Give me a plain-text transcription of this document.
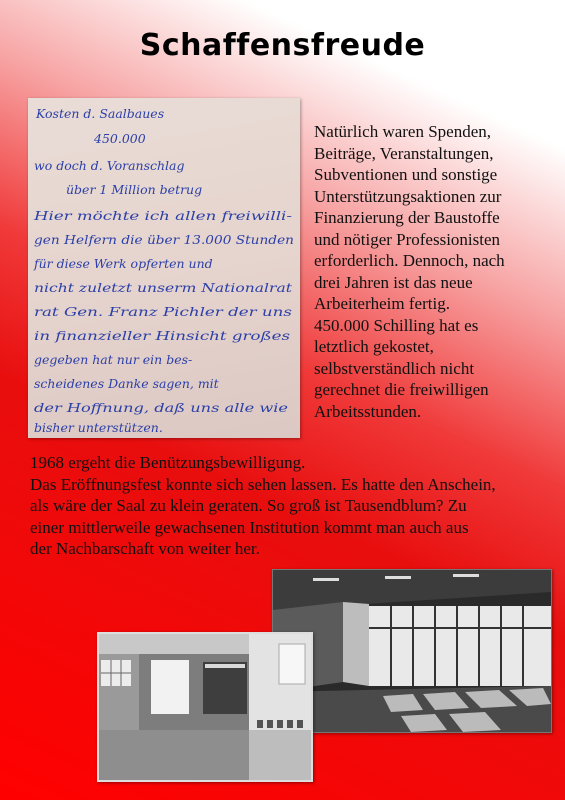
Schaffensfreude
Kosten d. Saalbaues
450.000
wo doch d. Voranschlag
über 1 Million betrug
Hier möchte ich allen freiwilli-
gen Helfern die über 13.000 Stunden
für diese Werk opferten und
nicht zuletzt unserm Nationalrat
rat Gen. Franz Pichler der uns
in finanzieller Hinsicht großes
gegeben hat nur ein bes-
scheidenes Danke sagen, mit
der Hoffnung, daß uns alle wie
bisher unterstützen.
Natürlich waren Spenden,
Beiträge, Veranstaltungen,
Subventionen und sonstige
Unterstützungsaktionen zur
Finanzierung der Baustoffe
und nötiger Professionisten
erforderlich. Dennoch, nach
drei Jahren ist das neue
Arbeiterheim fertig.
450.000 Schilling hat es
letztlich gekostet,
selbstverständlich nicht
gerechnet die freiwilligen
Arbeitsstunden.
1968 ergeht die Benützungsbewilligung.
Das Eröffnungsfest konnte sich sehen lassen. Es hatte den Anschein,
als wäre der Saal zu klein geraten. So groß ist Tausendblum? Zu
einer mittlerweile gewachsenen Institution kommt man auch aus
der Nachbarschaft von weiter her.
